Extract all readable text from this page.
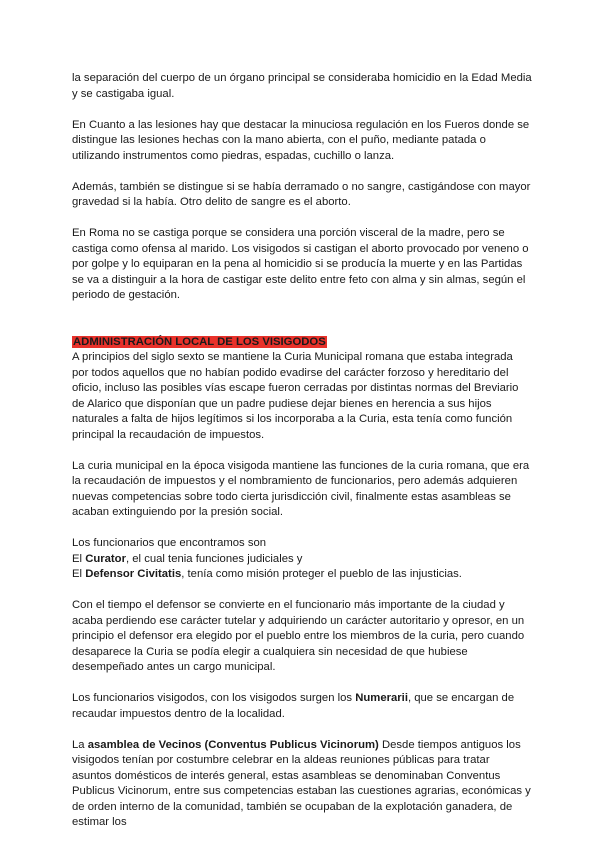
la separación del cuerpo de un órgano principal se consideraba homicidio en la Edad Media y se castigaba igual.

En Cuanto a las lesiones hay que destacar la minuciosa regulación en los Fueros donde se distingue las lesiones hechas con la mano abierta, con el puño, mediante patada o utilizando instrumentos como piedras, espadas, cuchillo o lanza.

Además, también se distingue si se había derramado o no sangre, castigándose con mayor gravedad si la había. Otro delito de sangre es el aborto.

En Roma no se castiga porque se considera una porción visceral de la madre, pero se castiga como ofensa al marido. Los visigodos si castigan el aborto provocado por veneno o por golpe y lo equiparan en la pena al homicidio si se producía la muerte y en las Partidas se va a distinguir a la hora de castigar este delito entre feto con alma y sin almas, según el periodo de gestación.

ADMINISTRACIÓN LOCAL DE LOS VISIGODOS

A principios del siglo sexto se mantiene la Curia Municipal romana que estaba integrada por todos aquellos que no habían podido evadirse del carácter forzoso y hereditario del oficio, incluso las posibles vías escape fueron cerradas por distintas normas del Breviario de Alarico que disponían que un padre pudiese dejar bienes en herencia a sus hijos naturales a falta de hijos legítimos si los incorporaba a la Curia, esta tenía como función principal la recaudación de impuestos.

La curia municipal en la época visigoda mantiene las funciones de la curia romana, que era la recaudación de impuestos y el nombramiento de funcionarios, pero además adquieren nuevas competencias sobre todo cierta jurisdicción civil, finalmente estas asambleas se acaban extinguiendo por la presión social.

Los funcionarios que encontramos son
El Curator, el cual tenia funciones judiciales y
El Defensor Civitatis, tenía como misión proteger el pueblo de las injusticias.

Con el tiempo el defensor se convierte en el funcionario más importante de la ciudad y acaba perdiendo ese carácter tutelar y adquiriendo un carácter autoritario y opresor, en un principio el defensor era elegido por el pueblo entre los miembros de la curia, pero cuando desaparece la Curia se podía elegir a cualquiera sin necesidad de que hubiese desempeñado antes un cargo municipal.

Los funcionarios visigodos, con los visigodos surgen los Numerarii, que se encargan de recaudar impuestos dentro de la localidad.

La asamblea de Vecinos (Conventus Publicus Vicinorum) Desde tiempos antiguos los visigodos tenían por costumbre celebrar en la aldeas reuniones públicas para tratar asuntos domésticos de interés general, estas asambleas se denominaban Conventus Publicus Vicinorum, entre sus competencias estaban las cuestiones agrarias, económicas y de orden interno de la comunidad, también se ocupaban de la explotación ganadera, de estimar los
